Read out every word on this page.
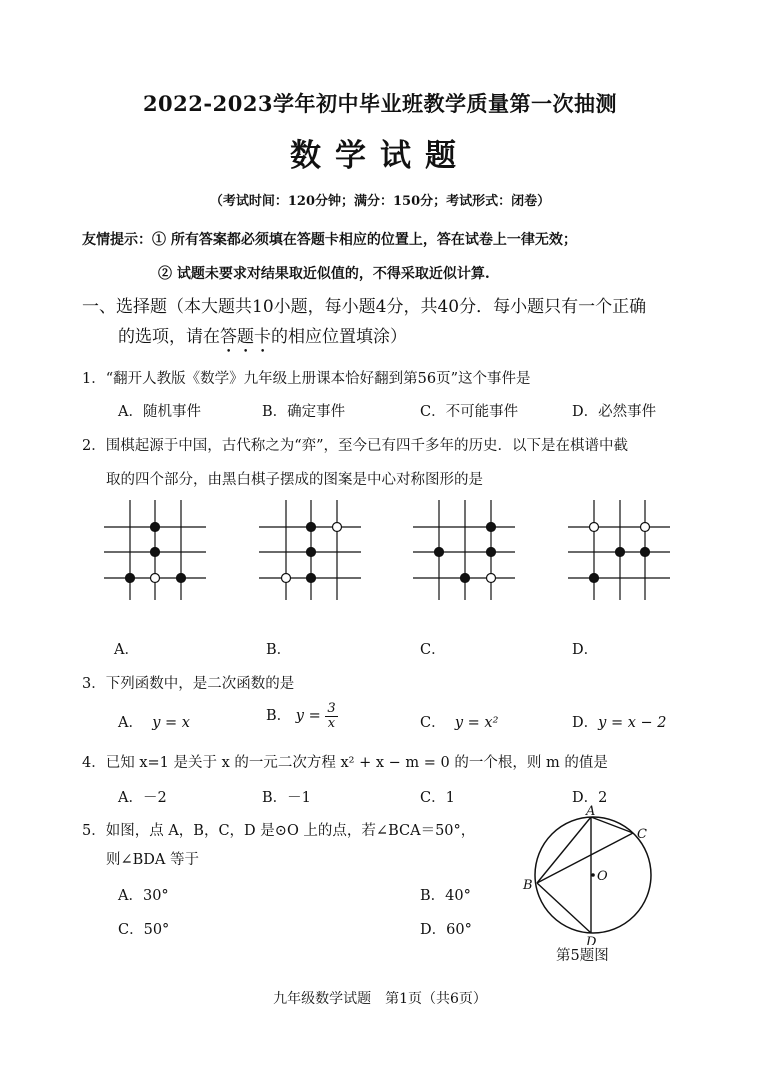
2022-2023学年初中毕业班教学质量第一次抽测
数学试题
（考试时间：120分钟；满分：150分；考试形式：闭卷）
友情提示：① 所有答案都必须填在答题卡相应的位置上，答在试卷上一律无效；
② 试题未要求对结果取近似值的，不得采取近似计算.
一、选择题（本大题共10小题，每小题4分，共40分．每小题只有一个正确
的选项，请在答题卡的相应位置填涂）
1．“翻开人教版《数学》九年级上册课本恰好翻到第56页”这个事件是
A．随机事件	B．确定事件	C．不可能事件	D．必然事件
2．围棋起源于中国，古代称之为“弈”，至今已有四千多年的历史．以下是在棋谱中截
取的四个部分，由黑白棋子摆成的图案是中心对称图形的是
A．	B．	C．	D．
3．下列函数中，是二次函数的是
A． y = x	B． $y = \frac{3}{x}$	C． y = x²	D．y = x − 2
4．已知 x=1 是关于 x 的一元二次方程 x² + x − m = 0 的一个根，则 m 的值是
A．－2	B．－1	C．1	D．2
5．如图，点 A，B，C，D 是⊙O 上的点，若∠BCA＝50°，
则∠BDA 等于
A．30°	B．40°
C．50°	D．60°
A
B
C
D
O
第5题图
九年级数学试题　第1页（共6页）
